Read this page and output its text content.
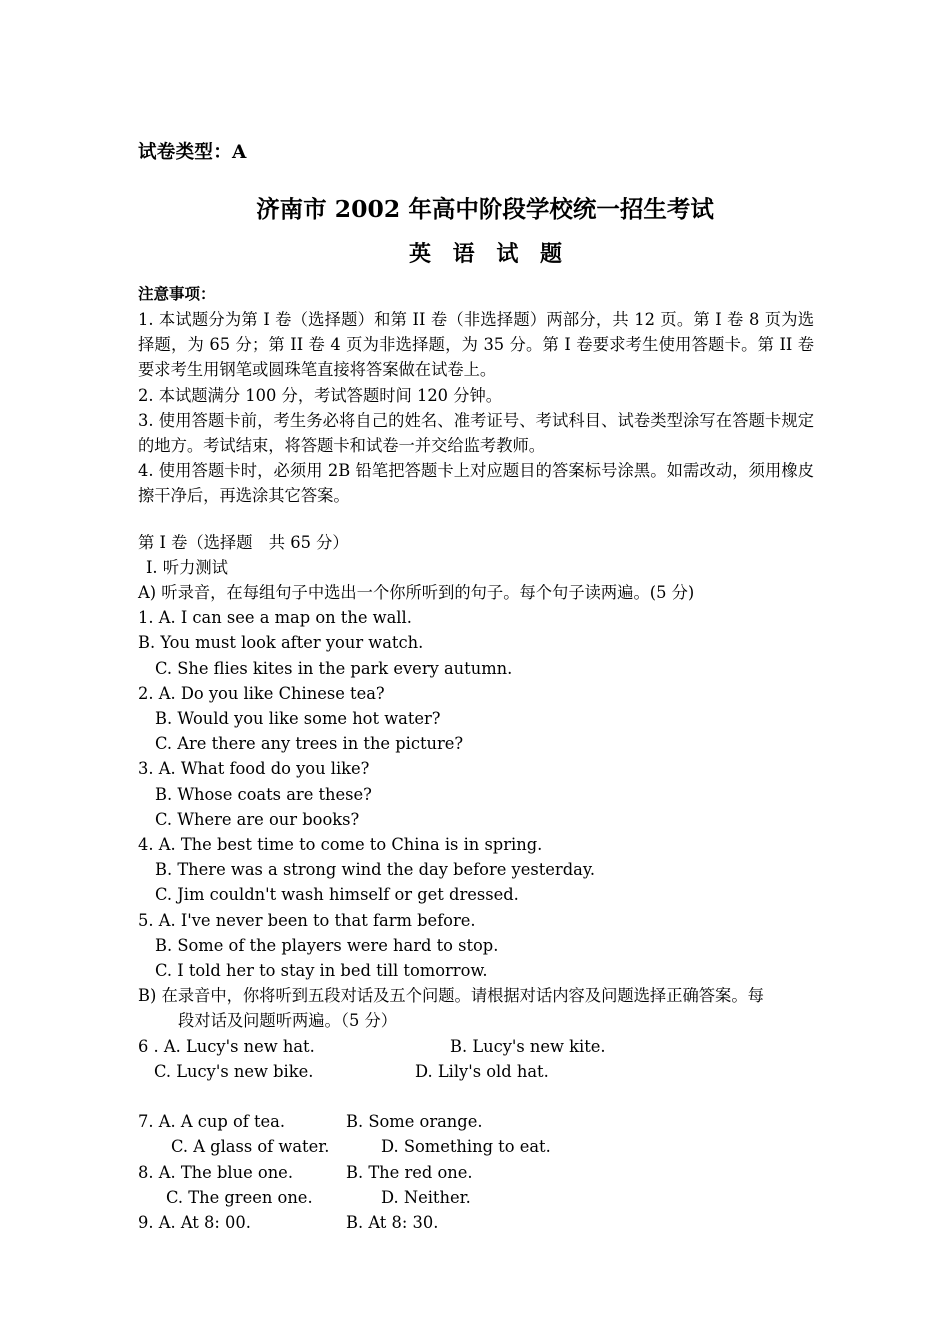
试卷类型：A
济南市 2002 年高中阶段学校统一招生考试
英 语 试 题
注意事项：
1. 本试题分为第 I 卷（选择题）和第 II 卷（非选择题）两部分，共 12 页。第 I 卷 8 页为选择题，为 65 分；第 II 卷 4 页为非选择题，为 35 分。第 I 卷要求考生使用答题卡。第 II 卷要求考生用钢笔或圆珠笔直接将答案做在试卷上。
2. 本试题满分 100 分，考试答题时间 120 分钟。
3. 使用答题卡前，考生务必将自己的姓名、准考证号、考试科目、试卷类型涂写在答题卡规定的地方。考试结束，将答题卡和试卷一并交给监考教师。
4. 使用答题卡时，必须用 2B 铅笔把答题卡上对应题目的答案标号涂黑。如需改动，须用橡皮擦干净后，再选涂其它答案。
第 I 卷（选择题　共 65 分）
I. 听力测试
A) 听录音，在每组句子中选出一个你所听到的句子。每个句子读两遍。(5 分)
1. A. I can see a map on the wall.
B. You must look after your watch.
C. She flies kites in the park every autumn.
2. A. Do you like Chinese tea?
B. Would you like some hot water?
C. Are there any trees in the picture?
3. A. What food do you like?
B. Whose coats are these?
C. Where are our books?
4. A. The best time to come to China is in spring.
B. There was a strong wind the day before yesterday.
C. Jim couldn't wash himself or get dressed.
5. A. I've never been to that farm before.
B. Some of the players were hard to stop.
C. I told her to stay in bed till tomorrow.
B) 在录音中，你将听到五段对话及五个问题。请根据对话内容及问题选择正确答案。每
段对话及问题听两遍。（5 分）
6 . A. Lucy's new hat.	B. Lucy's new kite.
C. Lucy's new bike.	D. Lily's old hat.
7. A. A cup of tea.	B. Some orange.
C. A glass of water.	D. Something to eat.
8. A. The blue one.	B. The red one.
C. The green one.	D. Neither.
9. A. At 8: 00.	B. At 8: 30.
